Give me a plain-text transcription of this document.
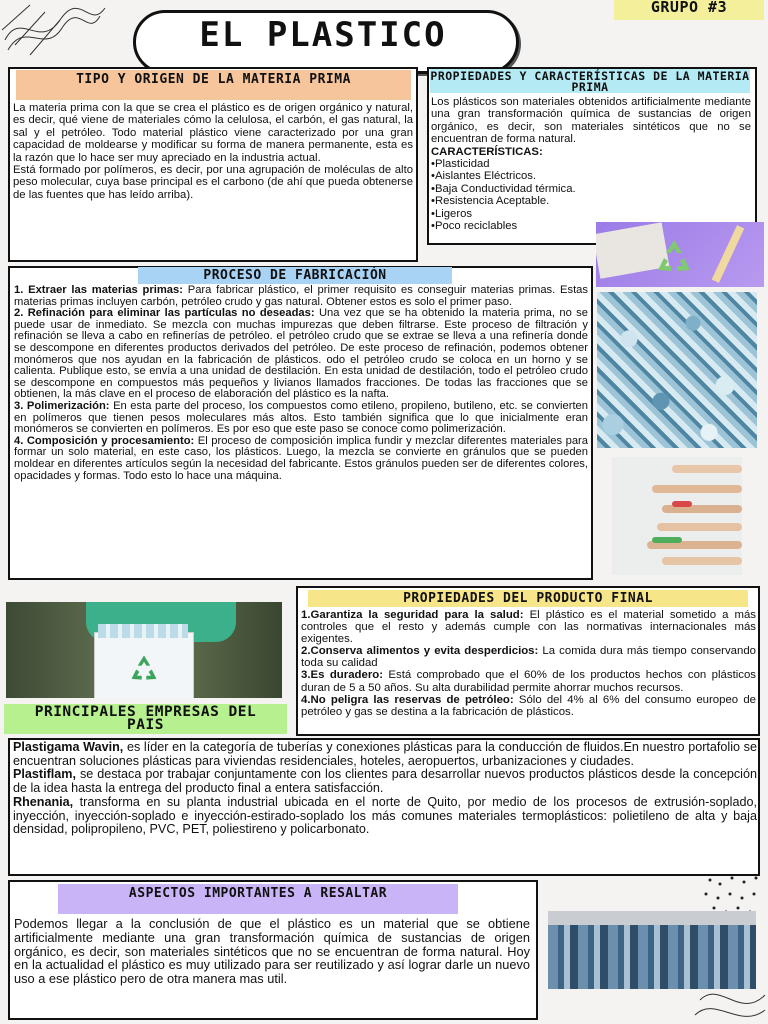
EL PLASTICO
GRUPO #3
TIPO Y ORIGEN DE LA MATERIA PRIMA

La materia prima con la que se crea el plástico es de origen orgánico y natural, es decir, qué viene de materiales cómo la celulosa, el carbón, el gas natural, la sal y el petróleo. Todo material plástico viene caracterizado por una gran capacidad de moldearse y modificar su forma de manera permanente, esta es la razón que lo hace ser muy apreciado en la industria actual.

Está formado por polímeros, es decir, por una agrupación de moléculas de alto peso molecular, cuya base principal es el carbono (de ahí que pueda obtenerse de las fuentes que has leído arriba).

PROPIEDADES Y CARACTERÍSTICAS DE LA MATERIA PRIMA

Los plásticos son materiales obtenidos artificialmente mediante una gran transformación química de sustancias de origen orgánico, es decir, son materiales sintéticos que no se encuentran de forma natural.

CARACTERÍSTICAS:

•Plasticidad

•Aislantes Eléctricos.

•Baja Conductividad térmica.

•Resistencia Aceptable.

•Ligeros

•Poco reciclables

PROCESO DE FABRICACIÓN

1. Extraer las materias primas: Para fabricar plástico, el primer requisito es conseguir materias primas. Estas materias primas incluyen carbón, petróleo crudo y gas natural. Obtener estos es solo el primer paso.

2. Refinación para eliminar las partículas no deseadas: Una vez que se ha obtenido la materia prima, no se puede usar de inmediato. Se mezcla con muchas impurezas que deben filtrarse. Este proceso de filtración y refinación se lleva a cabo en refinerías de petróleo. el petróleo crudo que se extrae se lleva a una refinería donde se descompone en diferentes productos derivados del petróleo. De este proceso de refinación, podemos obtener monómeros que nos ayudan en la fabricación de plásticos. odo el petróleo crudo se coloca en un horno y se calienta. Publique esto, se envía a una unidad de destilación. En esta unidad de destilación, todo el petróleo crudo se descompone en compuestos más pequeños y livianos llamados fracciones. De todas las fracciones que se obtienen, la más clave en el proceso de elaboración del plástico es la nafta.

3. Polimerización: En esta parte del proceso, los compuestos como etileno, propileno, butileno, etc. se convierten en polímeros que tienen pesos moleculares más altos. Esto también significa que lo que inicialmente eran monómeros se convierten en polímeros. Es por eso que este paso se conoce como polimerización.

4. Composición y procesamiento: El proceso de composición implica fundir y mezclar diferentes materiales para formar un solo material, en este caso, los plásticos. Luego, la mezcla se convierte en gránulos que se pueden moldear en diferentes artículos según la necesidad del fabricante. Estos gránulos pueden ser de diferentes colores, opacidades y formas. Todo esto lo hace una máquina.

PRINCIPALES EMPRESAS DEL PAIS
PROPIEDADES DEL PRODUCTO FINAL

1.Garantiza la seguridad para la salud: El plástico es el material sometido a más controles que el resto y además cumple con las normativas internacionales más exigentes.

2.Conserva alimentos y evita desperdicios: La comida dura más tiempo conservando toda su calidad

3.Es duradero: Está comprobado que el 60% de los productos hechos con plásticos duran de 5 a 50 años. Su alta durabilidad permite ahorrar muchos recursos.

4.No peligra las reservas de petróleo: Sólo del 4% al 6% del consumo europeo de petróleo y gas se destina a la fabricación de plásticos.

Plastigama Wavin, es líder en la categoría de tuberías y conexiones plásticas para la conducción de fluidos.En nuestro portafolio se encuentran soluciones plásticas para viviendas residenciales, hoteles, aeropuertos, urbanizaciones y ciudades.

Plastiflam, se destaca por trabajar conjuntamente con los clientes para desarrollar nuevos productos plásticos desde la concepción de la idea hasta la entrega del producto final a entera satisfacción.

Rhenania, transforma en su planta industrial ubicada en el norte de Quito, por medio de los procesos de extrusión-soplado, inyección, inyección-soplado e inyección-estirado-soplado los más comunes materiales termoplásticos: polietileno de alta y baja densidad, polipropileno, PVC, PET, poliestireno y policarbonato.

ASPECTOS IMPORTANTES A RESALTAR
Podemos llegar a la conclusión de que el plástico es un material que se obtiene artificialmente mediante una gran transformación química de sustancias de origen orgánico, es decir, son materiales sintéticos que no se encuentran de forma natural. Hoy en la actualidad el plástico es muy utilizado para ser reutilizado y así lograr darle un nuevo uso a ese plástico pero de otra manera mas util.
